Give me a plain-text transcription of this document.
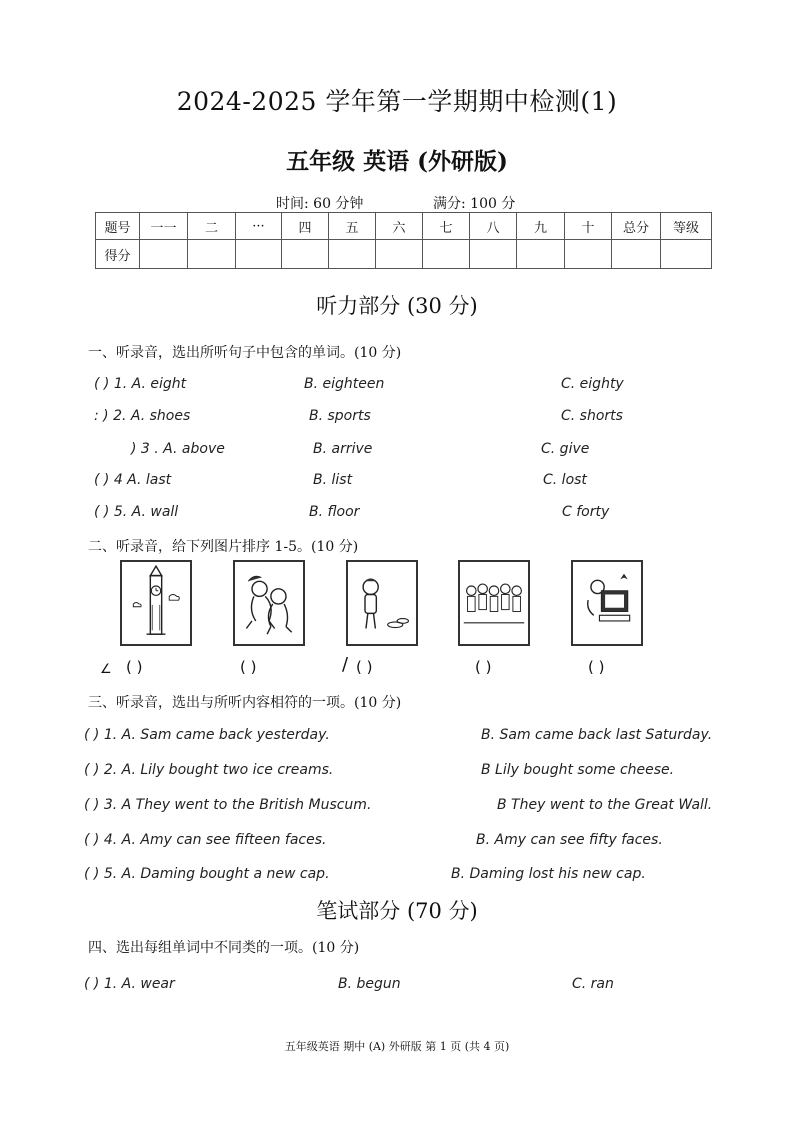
2024-2025 学年第一学期期中检测(1)
五年级 英语 (外研版)
时间: 60 分钟	满分: 100 分
题号	一一	二	···	四	五	六	七	八	九	十	总分	等级
得分												
听力部分 (30 分)
一、听录音，选出所听句子中包含的单词。(10 分)
( ) 1. A. eight	B. eighteen	C. eighty
: ) 2. A. shoes	B. sports	C. shorts
) 3 . A. above	B. arrive	C. give
( ) 4 A. last	B. list	C. lost
( ) 5. A. wall	B. floor	C forty
二、听录音，给下列图片排序 1-5。(10 分)
∠	/
( )	( )	( )	( )	( )
三、听录音，选出与所听内容相符的一项。(10 分)
( ) 1. A. Sam came back yesterday.	B. Sam came back last Saturday.
( ) 2. A. Lily bought two ice creams.	B Lily bought some cheese.
( ) 3. A They went to the British Muscum.	B They went to the Great Wall.
( ) 4. A. Amy can see fifteen faces.	B. Amy can see fifty faces.
( ) 5. A. Daming bought a new cap.	B. Daming lost his new cap.
笔试部分 (70 分)
四、选出每组单词中不同类的一项。(10 分)
( ) 1. A. wear	B. begun	C. ran
五年级英语 期中 (A) 外研版 第 1 页 (共 4 页)
